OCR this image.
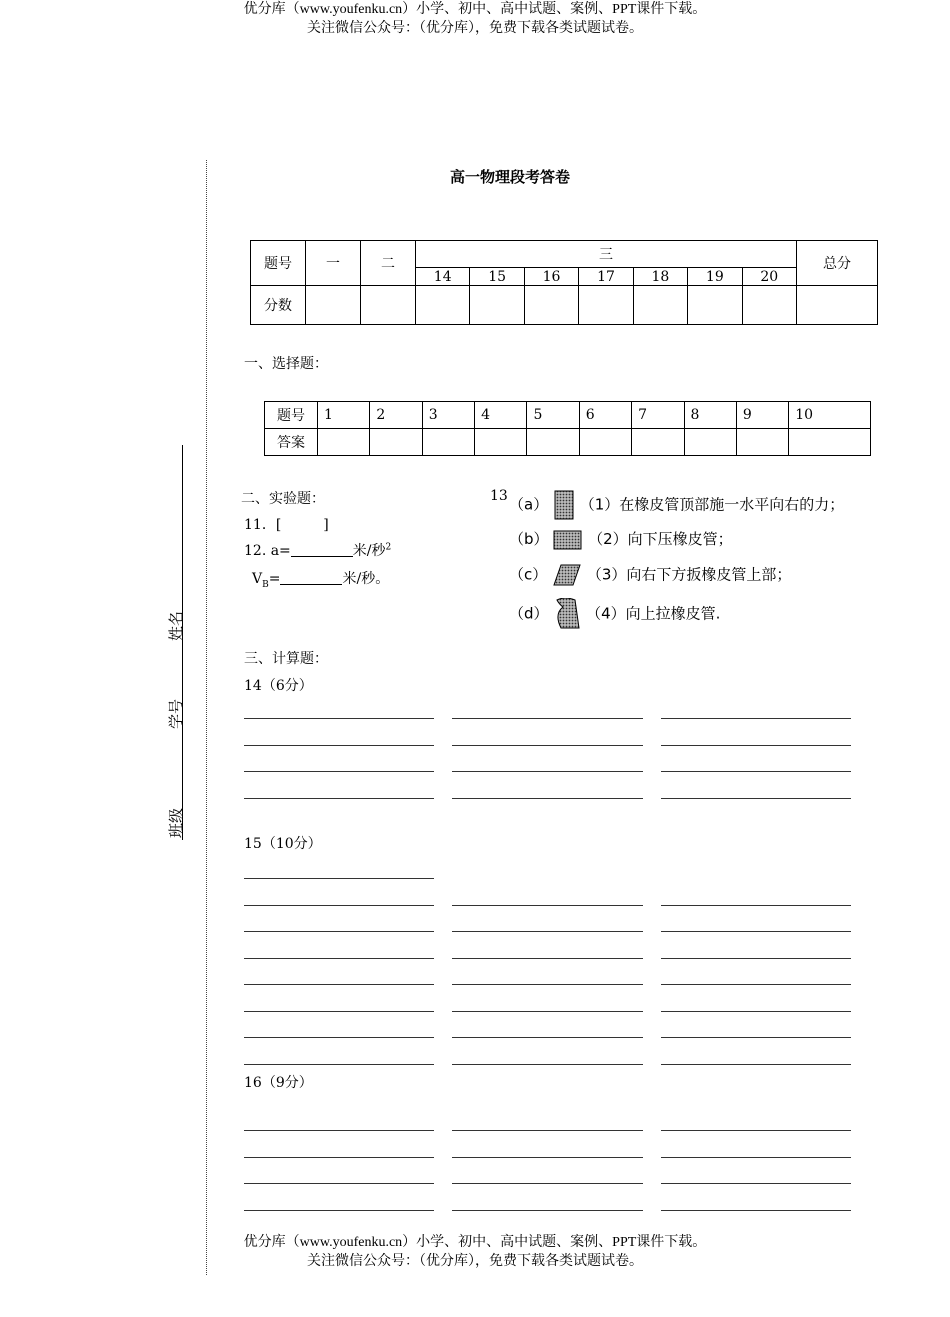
优分库（www.youfenku.cn）小学、初中、高中试题、案例、PPT课件下载。
关注微信公众号：（优分库），免费下载各类试题试卷。
姓名
学号
班级
高一物理段考答卷
题号	一	二	三							总分
			14	15	16	17	18	19	20	
分数										
一、选择题：
题号	1	2	3	4	5	6	7	8	9	10
答案										
二、实验题：
11．[　　　]
12. a=	米/秒$^2$
$V_B=$	米/秒。
13 （a） （1）在橡皮管顶部施一水平向右的力；
（b）	（2）向下压橡皮管；
（c）	（3）向右下方扳橡皮管上部；
（d）	（4）向上拉橡皮管.
三、计算题：
14（6分）
15（10分）
16（9分）
优分库（www.youfenku.cn）小学、初中、高中试题、案例、PPT课件下载。
关注微信公众号：（优分库），免费下载各类试题试卷。
